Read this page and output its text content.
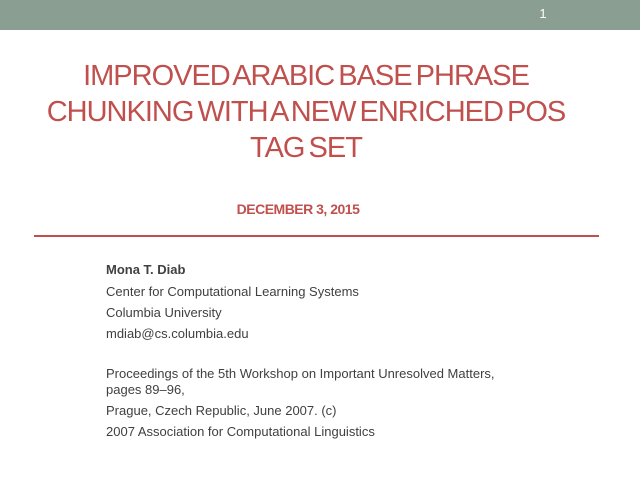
1
IMPROVED ARABIC BASE PHRASE
CHUNKING WITH A NEW ENRICHED POS
TAG SET
DECEMBER 3, 2015
Mona T. Diab
Center for Computational Learning Systems
Columbia University
mdiab@cs.columbia.edu
Proceedings of the 5th Workshop on Important Unresolved Matters,
pages 89–96,
Prague, Czech Republic, June 2007. (c)
2007 Association for Computational Linguistics
